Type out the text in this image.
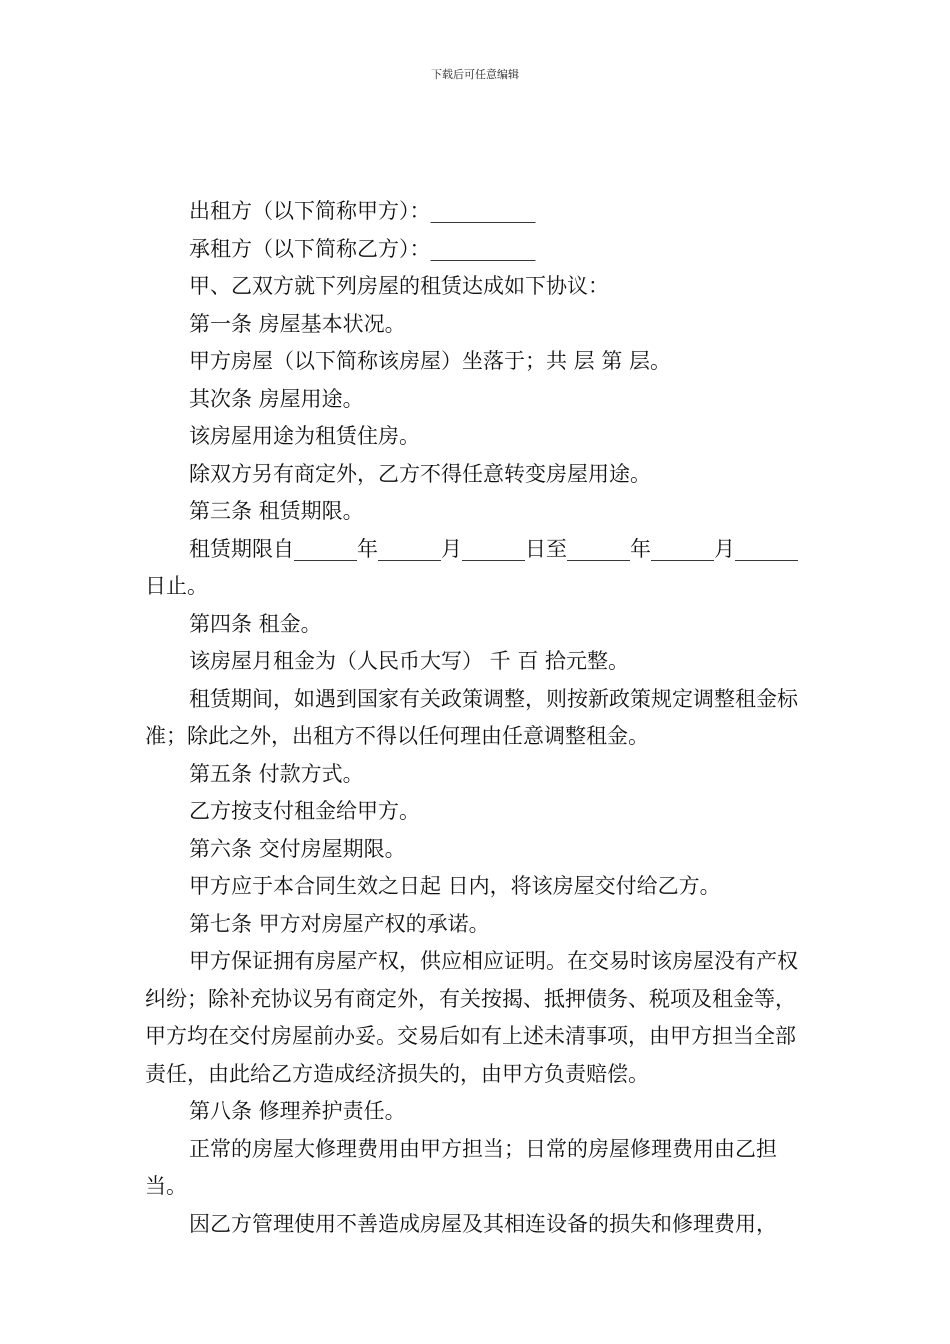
下载后可任意编辑

出租方（以下简称甲方）：__________

承租方（以下简称乙方）：__________

甲、乙双方就下列房屋的租赁达成如下协议：

第一条 房屋基本状况。

甲方房屋（以下简称该房屋）坐落于；共 层 第 层。

其次条 房屋用途。

该房屋用途为租赁住房。

除双方另有商定外，乙方不得任意转变房屋用途。

第三条 租赁期限。

租赁期限自______年______月______日至______年______月______日止。

第四条 租金。

该房屋月租金为（人民币大写） 千 百 拾元整。

租赁期间，如遇到国家有关政策调整，则按新政策规定调整租金标准；除此之外，出租方不得以任何理由任意调整租金。

第五条 付款方式。

乙方按支付租金给甲方。

第六条 交付房屋期限。

甲方应于本合同生效之日起 日内，将该房屋交付给乙方。

第七条 甲方对房屋产权的承诺。

甲方保证拥有房屋产权，供应相应证明。在交易时该房屋没有产权纠纷；除补充协议另有商定外，有关按揭、抵押债务、税项及租金等，甲方均在交付房屋前办妥。交易后如有上述未清事项，由甲方担当全部责任，由此给乙方造成经济损失的，由甲方负责赔偿。

第八条 修理养护责任。

正常的房屋大修理费用由甲方担当；日常的房屋修理费用由乙担当。

因乙方管理使用不善造成房屋及其相连设备的损失和修理费用，
